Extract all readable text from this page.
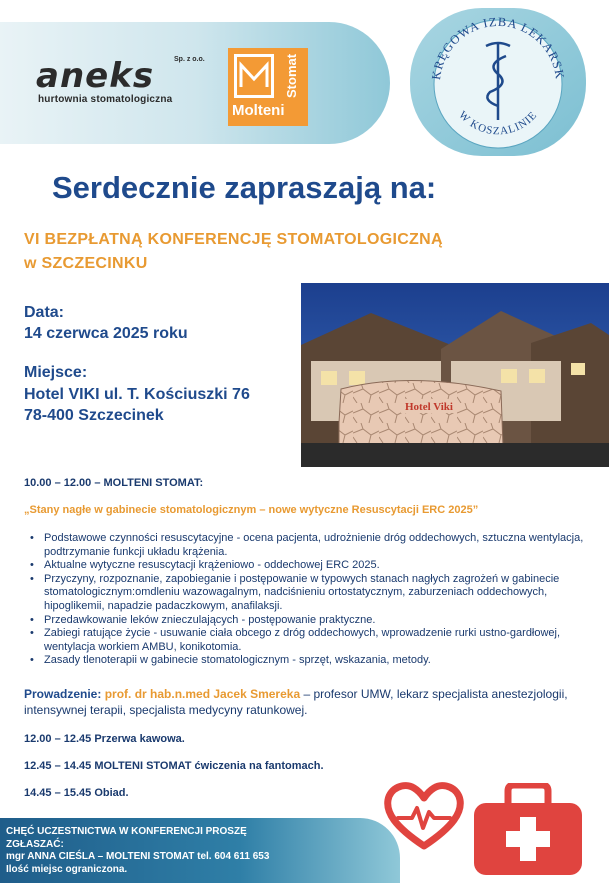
aneks	Sp. z o.o.
hurtownia stomatologiczna
Stomat
Molteni
KRĘGOWA IZBA LEKARSK
W KOSZALINIE
Serdecznie zapraszają na:
VI BEZPŁATNĄ KONFERENCJĘ STOMATOLOGICZNĄ
w SZCZECINKU
Data:
14 czerwca 2025 roku
Miejsce:
Hotel VIKI ul. T. Kościuszki 76
78-400 Szczecinek	Hotel Viki
10.00 – 12.00 – MOLTENI STOMAT:
„Stany nagłe w gabinecie stomatologicznym – nowe wytyczne Resuscytacji ERC 2025”
• Podstawowe czynności resuscytacyjne - ocena pacjenta, udrożnienie dróg oddechowych, sztuczna wentylacja, podtrzymanie funkcji układu krążenia.
• Aktualne wytyczne resuscytacji krążeniowo - oddechowej ERC 2025.
• Przyczyny, rozpoznanie, zapobieganie i postępowanie w typowych stanach nagłych zagrożeń w gabinecie stomatologicznym:omdleniu wazowagalnym, nadciśnieniu ortostatycznym, zaburzeniach oddechowych, hipoglikemii, napadzie padaczkowym, anafilaksji.
• Przedawkowanie leków znieczulających - postępowanie praktyczne.
• Zabiegi ratujące życie - usuwanie ciała obcego z dróg oddechowych, wprowadzenie rurki ustno-gardłowej, wentylacja workiem AMBU, konikotomia.
• Zasady tlenoterapii w gabinecie stomatologicznym - sprzęt, wskazania, metody.
Prowadzenie: prof. dr hab.n.med Jacek Smereka – profesor UMW, lekarz specjalista anestezjologii, intensywnej terapii, specjalista medycyny ratunkowej.
12.00 – 12.45 Przerwa kawowa.
12.45 – 14.45 MOLTENI STOMAT ćwiczenia na fantomach.
14.45 – 15.45 Obiad.
CHĘĆ UCZESTNICTWA W KONFERENCJI PROSZĘ
ZGŁASZAĆ:
mgr ANNA CIEŚLA – MOLTENI STOMAT tel. 604 611 653
Ilość miejsc ograniczona.
